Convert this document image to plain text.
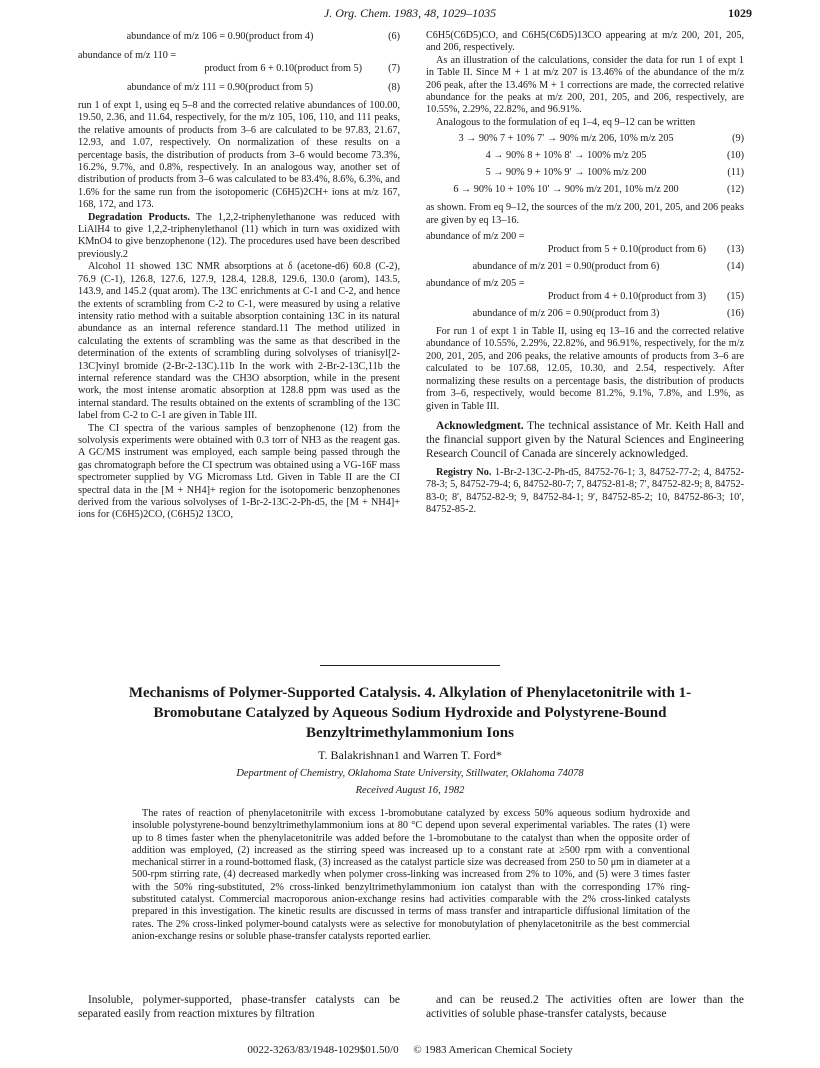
J. Org. Chem. 1983, 48, 1029–1035	1029
abundance of m/z 106 = 0.90(product from 4)	(6)
abundance of m/z 110 =
product from 6 + 0.10(product from 5)	(7)
abundance of m/z 111 = 0.90(product from 5)	(8)

run 1 of expt 1, using eq 5–8 and the corrected relative abundances of 100.00, 19.50, 2.36, and 11.64, respectively, for the m/z 105, 106, 110, and 111 peaks, the relative amounts of products from 3–6 are calculated to be 97.83, 21.67, 12.93, and 1.07, respectively. On normalization of these results on a percentage basis, the distribution of products from 3–6 would become 73.3%, 16.2%, 9.7%, and 0.8%, respectively. In an analogous way, another set of distribution of products from 3–6 was calculated to be 83.4%, 8.6%, 6.3%, and 1.6% for the same run from the isotopomeric (C6H5)2CH+ ions at m/z 167, 168, 172, and 173.

Degradation Products. The 1,2,2-triphenylethanone was reduced with LiAlH4 to give 1,2,2-triphenylethanol (11) which in turn was oxidized with KMnO4 to give benzophenone (12). The procedures used have been described previously.2

Alcohol 11 showed 13C NMR absorptions at δ (acetone-d6) 60.8 (C-2), 76.9 (C-1), 126.8, 127.6, 127.9, 128.4, 128.8, 129.6, 130.0 (arom), 143.5, 143.9, and 145.2 (quat arom). The 13C enrichments at C-1 and C-2, and hence the extents of scrambling from C-2 to C-1, were measured by using a relative intensity ratio method with a suitable absorption containing 13C in its natural abundance as an internal reference standard.11 The method utilized in calculating the extents of scrambling was the same as that described in the determination of the extents of scrambling during solvolyses of trianisyl[2-13C]vinyl bromide (2-Br-2-13C).11b In the work with 2-Br-2-13C,11b the internal reference standard was the CH3O absorption, while in the present work, the most intense aromatic absorption at 128.8 ppm was used as the internal standard. The results obtained on the extents of scrambling of the 13C label from C-2 to C-1 are given in Table III.

The CI spectra of the various samples of benzophenone (12) from the solvolysis experiments were obtained with 0.3 torr of NH3 as the reagent gas. A GC/MS instrument was employed, each sample being passed through the gas chromatograph before the CI spectrum was obtained using a VG-16F mass spectrometer supplied by VG Micromass Ltd. Given in Table II are the CI spectral data in the [M + NH4]+ region for the isotopomeric benzophenones derived from the various solvolyses of 1-Br-2-13C-2-Ph-d5, the [M + NH4]+ ions for (C6H5)2CO, (C6H5)2 13CO,

C6H5(C6D5)CO, and C6H5(C6D5)13CO appearing at m/z 200, 201, 205, and 206, respectively.

As an illustration of the calculations, consider the data for run 1 of expt 1 in Table II. Since M + 1 at m/z 207 is 13.46% of the abundance of the m/z 206 peak, after the 13.46% M + 1 corrections are made, the corrected relative abundance for the peaks at m/z 200, 201, 205, and 206, respectively, are 10.55%, 2.29%, 22.82%, and 96.91%.

Analogous to the formulation of eq 1–4, eq 9–12 can be written

3 → 90% 7 + 10% 7′ → 90% m/z 206, 10% m/z 205	(9)
4 → 90% 8 + 10% 8′ → 100% m/z 205	(10)
5 → 90% 9 + 10% 9′ → 100% m/z 200	(11)
6 → 90% 10 + 10% 10′ → 90% m/z 201, 10% m/z 200	(12)

as shown. From eq 9–12, the sources of the m/z 200, 201, 205, and 206 peaks are given by eq 13–16.

abundance of m/z 200 =
Product from 5 + 0.10(product from 6)	(13)
abundance of m/z 201 = 0.90(product from 6)	(14)
abundance of m/z 205 =
Product from 4 + 0.10(product from 3)	(15)
abundance of m/z 206 = 0.90(product from 3)	(16)

For run 1 of expt 1 in Table II, using eq 13–16 and the corrected relative abundance of 10.55%, 2.29%, 22.82%, and 96.91%, respectively, for the m/z 200, 201, 205, and 206 peaks, the relative amounts of products from 3–6 are calculated to be 107.68, 12.05, 10.30, and 2.54, respectively. After normalizing these results on a percentage basis, the distribution of products from 3–6, respectively, would become 81.2%, 9.1%, 7.8%, and 1.9%, as given in Table III.

Acknowledgment. The technical assistance of Mr. Keith Hall and the financial support given by the Natural Sciences and Engineering Research Council of Canada are sincerely acknowledged.

Registry No. 1-Br-2-13C-2-Ph-d5, 84752-76-1; 3, 84752-77-2; 4, 84752-78-3; 5, 84752-79-4; 6, 84752-80-7; 7, 84752-81-8; 7′, 84752-82-9; 8, 84752-83-0; 8′, 84752-82-9; 9, 84752-84-1; 9′, 84752-85-2; 10, 84752-86-3; 10′, 84752-85-2.

Mechanisms of Polymer-Supported Catalysis. 4. Alkylation of Phenylacetonitrile with 1-Bromobutane Catalyzed by Aqueous Sodium Hydroxide and Polystyrene-Bound Benzyltrimethylammonium Ions
T. Balakrishnan1 and Warren T. Ford*
Department of Chemistry, Oklahoma State University, Stillwater, Oklahoma 74078
Received August 16, 1982

The rates of reaction of phenylacetonitrile with excess 1-bromobutane catalyzed by excess 50% aqueous sodium hydroxide and insoluble polystyrene-bound benzyltrimethylammonium ions at 80 °C depend upon several experimental variables. The rates (1) were up to 8 times faster when the phenylacetonitrile was added before the 1-bromobutane to the catalyst than when the opposite order of addition was employed, (2) increased as the stirring speed was increased up to a constant rate at ≥500 rpm with a conventional mechanical stirrer in a round-bottomed flask, (3) increased as the catalyst particle size was decreased from 250 to 50 μm in diameter at a 500-rpm stirring rate, (4) decreased markedly when polymer cross-linking was increased from 2% to 10%, and (5) were 3 times faster with the 50% ring-substituted, 2% cross-linked benzyltrimethylammonium ion catalyst than with the corresponding 17% ring-substituted catalyst. Commercial macroporous anion-exchange resins had activities comparable with the 2% cross-linked catalysts prepared in this investigation. The kinetic results are discussed in terms of mass transfer and intraparticle diffusional limitation of the rates. The 2% cross-linked polymer-bound catalysts were as selective for monobutylation of phenylacetonitrile as the best commercial anion-exchange resins or soluble phase-transfer catalysts reported earlier.

Insoluble, polymer-supported, phase-transfer catalysts can be separated easily from reaction mixtures by filtration

and can be reused.2 The activities often are lower than the activities of soluble phase-transfer catalysts, because

0022-3263/83/1948-1029$01.50/0 © 1983 American Chemical Society
